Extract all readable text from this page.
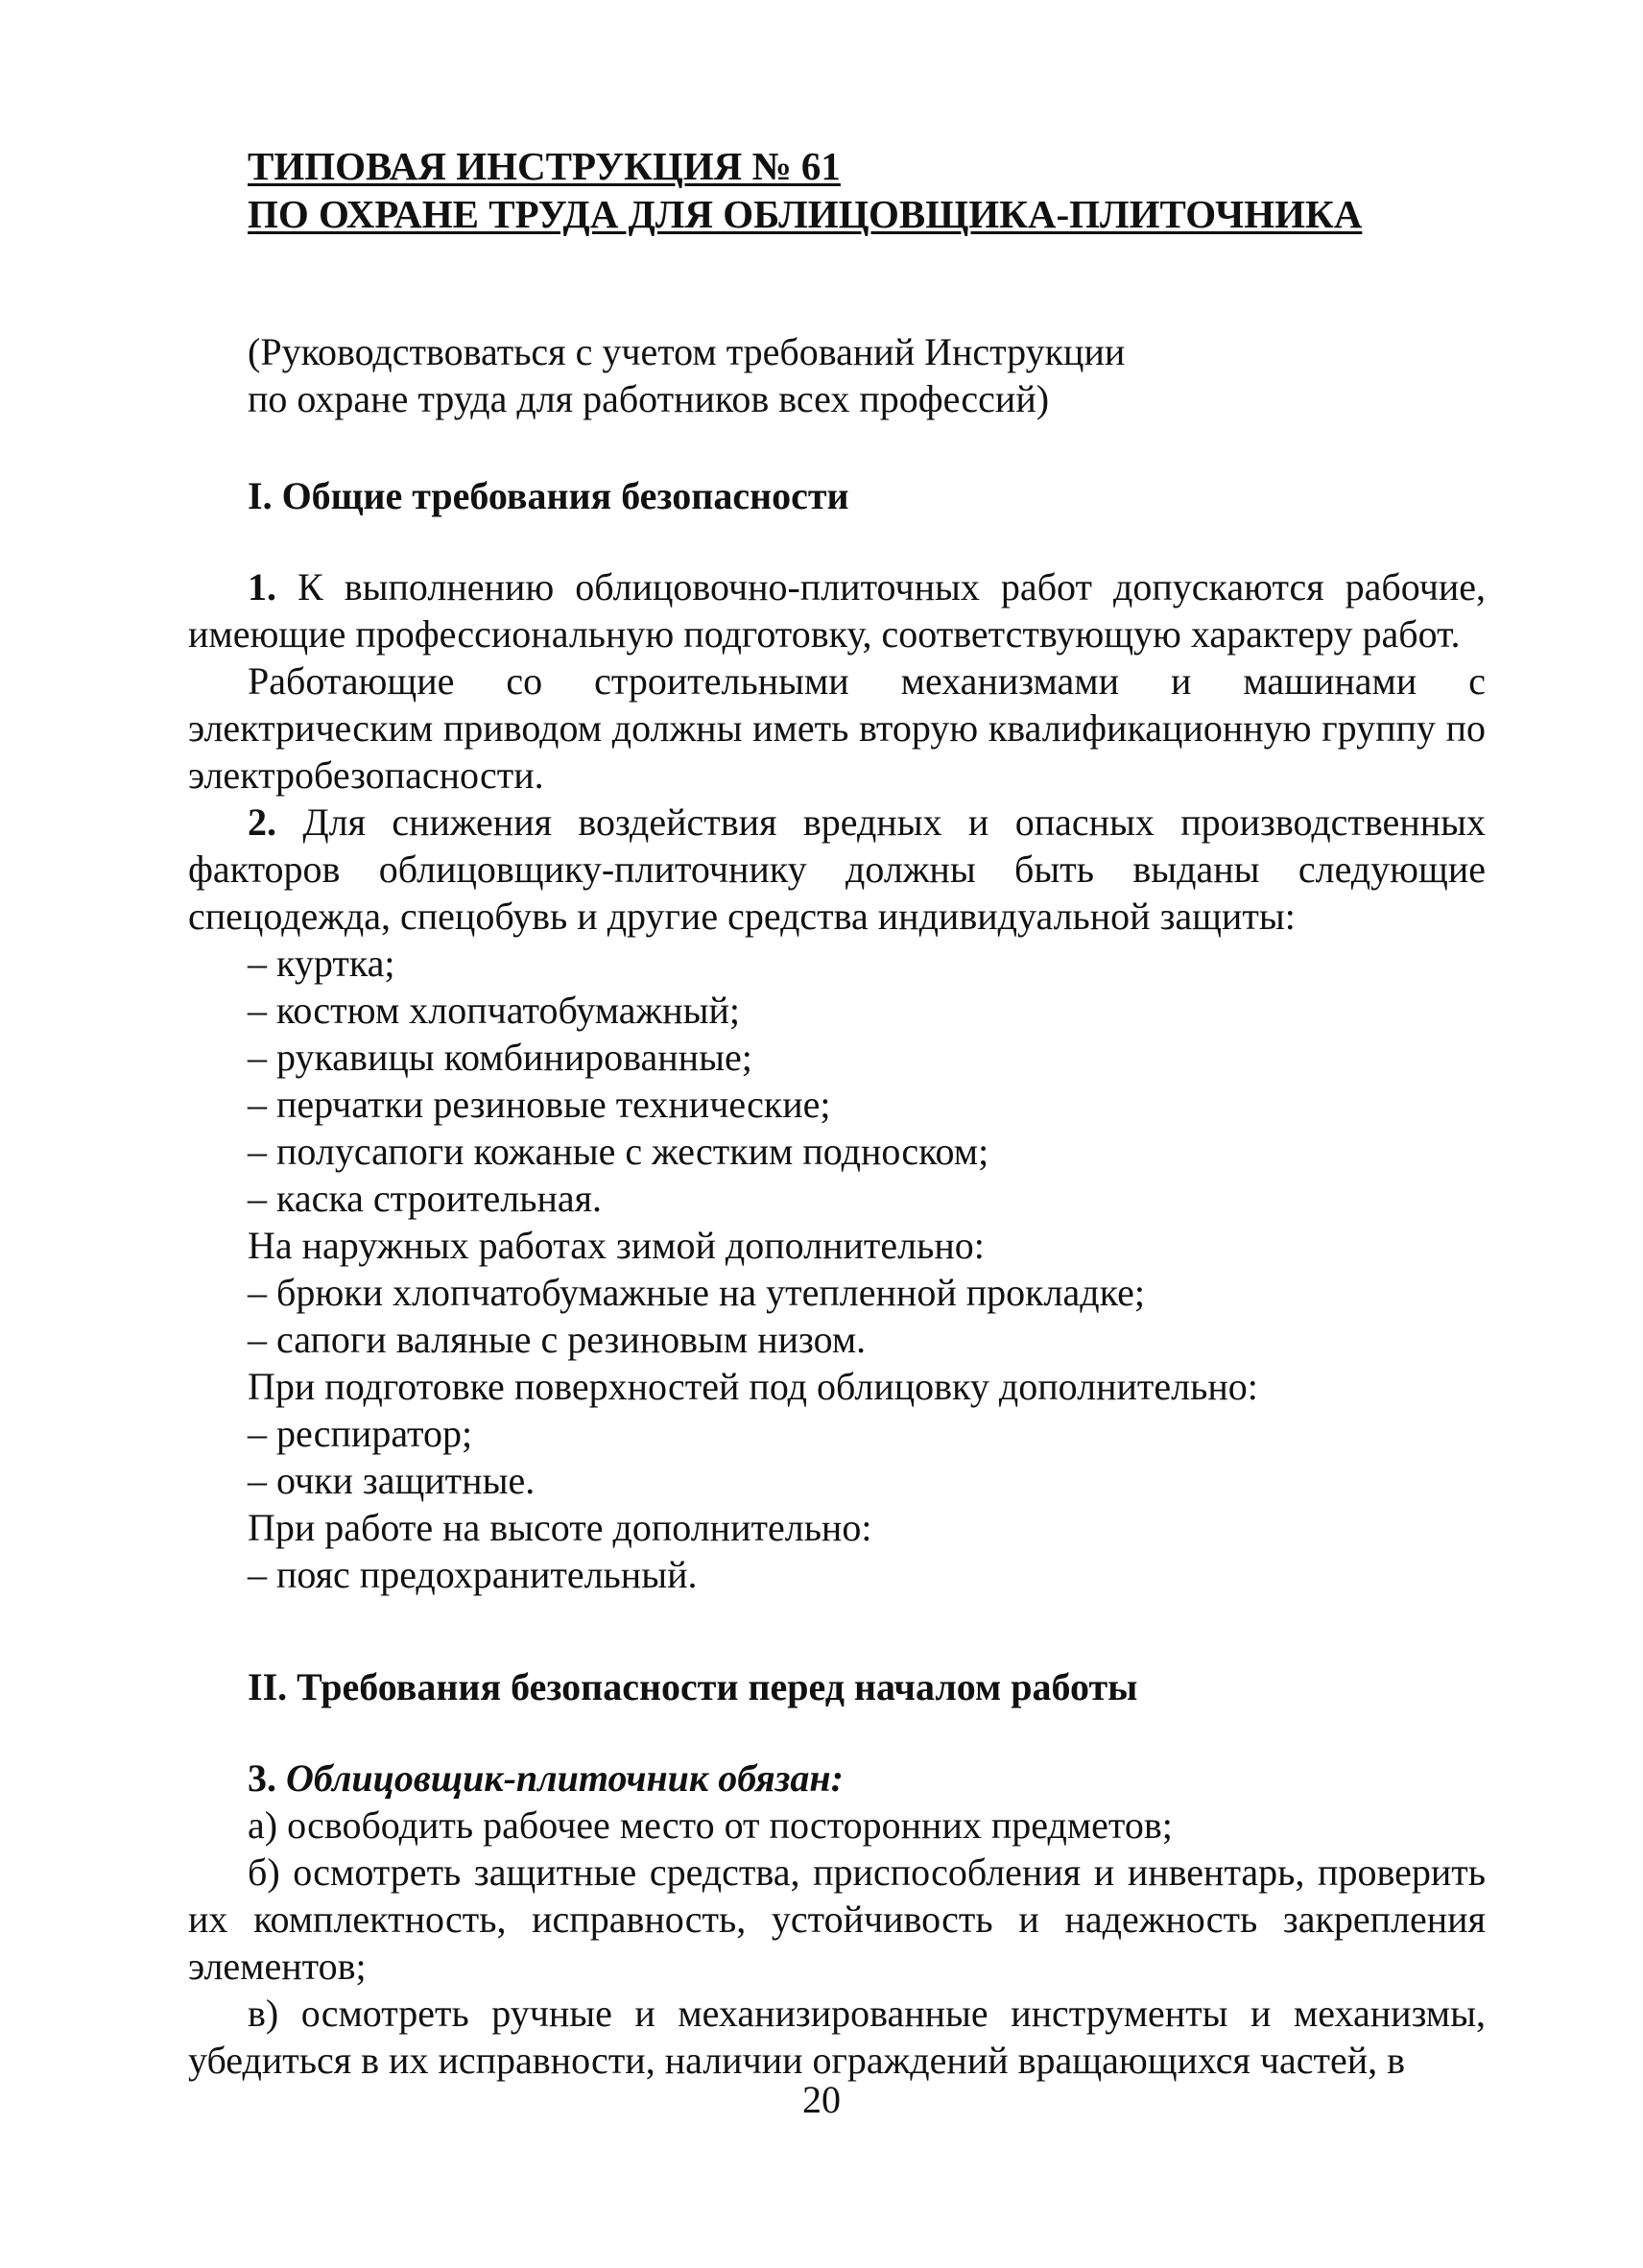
ТИПОВАЯ ИНСТРУКЦИЯ № 61
ПО ОХРАНЕ ТРУДА ДЛЯ ОБЛИЦОВЩИКА-ПЛИТОЧНИКА
(Руководствоваться с учетом требований Инструкции
по охране труда для работников всех профессий)
I. Общие требования безопасности

1. К выполнению облицовочно-плиточных работ допускаются рабочие, имеющие профессиональную подготовку, соответствующую характеру работ.

Работающие со строительными механизмами и машинами с электрическим приводом должны иметь вторую квалификационную группу по электробезопасности.

2. Для снижения воздействия вредных и опасных производственных факторов облицовщику-плиточнику должны быть выданы следующие спецодежда, спецобувь и другие средства индивидуальной защиты:

– куртка;
– костюм хлопчатобумажный;
– рукавицы комбинированные;
– перчатки резиновые технические;
– полусапоги кожаные с жестким подноском;
– каска строительная.
На наружных работах зимой дополнительно:
– брюки хлопчатобумажные на утепленной прокладке;
– сапоги валяные с резиновым низом.
При подготовке поверхностей под облицовку дополнительно:
– респиратор;
– очки защитные.
При работе на высоте дополнительно:
– пояс предохранительный.
II. Требования безопасности перед началом работы
3. Облицовщик-плиточник обязан:
а) освободить рабочее место от посторонних предметов;

б) осмотреть защитные средства, приспособления и инвентарь, проверить их комплектность, исправность, устойчивость и надежность закрепления элементов;

в) осмотреть ручные и механизированные инструменты и механизмы, убедиться в их исправности, наличии ограждений вращающихся частей, в

20
